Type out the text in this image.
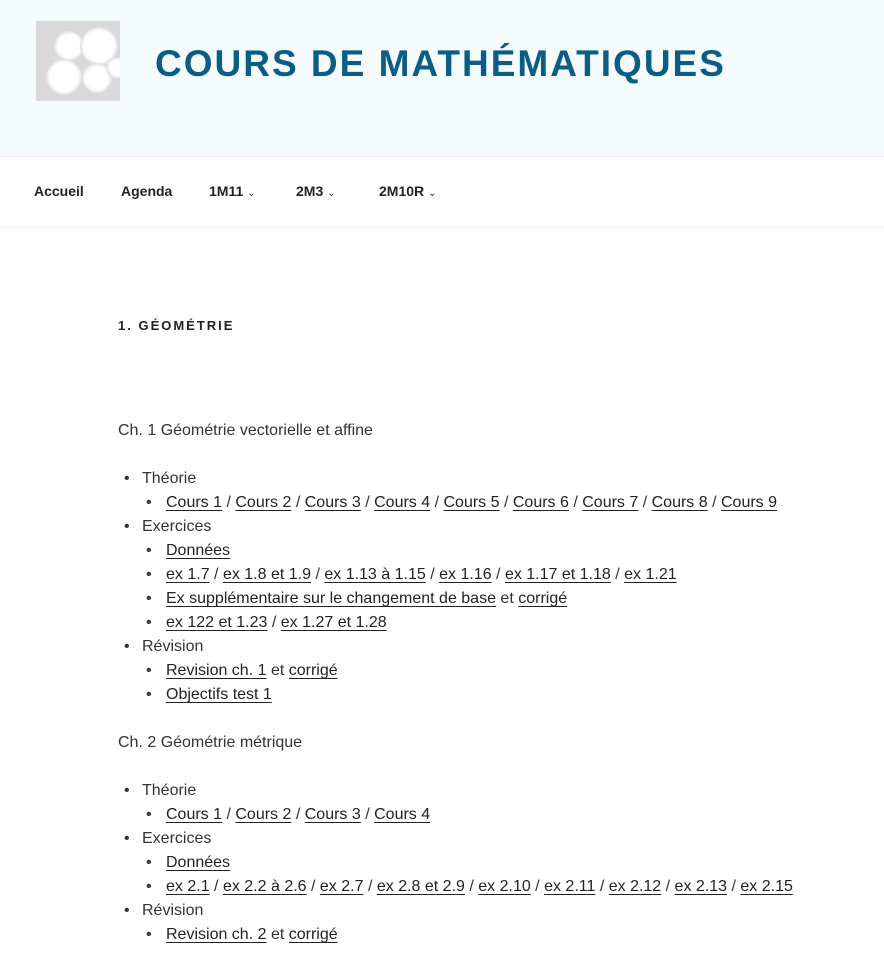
COURS DE MATHÉMATIQUES
Accueil	Agenda	1M11 ⌄	2M3 ⌄	2M10R ⌄
1. GÉOMÉTRIE

Ch. 1 Géométrie vectorielle et affine

• Théorie
• Cours 1 / Cours 2 / Cours 3 / Cours 4 / Cours 5 / Cours 6 / Cours 7 / Cours 8 / Cours 9
• Exercices
• Données
• ex 1.7 / ex 1.8 et 1.9 / ex 1.13 à 1.15 / ex 1.16 / ex 1.17 et 1.18 / ex 1.21
• Ex supplémentaire sur le changement de base et corrigé
• ex 122 et 1.23 / ex 1.27 et 1.28
• Révision
• Revision ch. 1 et corrigé
• Objectifs test 1

Ch. 2 Géométrie métrique

• Théorie
• Cours 1 / Cours 2 / Cours 3 / Cours 4
• Exercices
• Données
• ex 2.1 / ex 2.2 à 2.6 / ex 2.7 / ex 2.8 et 2.9 / ex 2.10 / ex 2.11 / ex 2.12 / ex 2.13 / ex 2.15
• Révision
• Revision ch. 2 et corrigé
